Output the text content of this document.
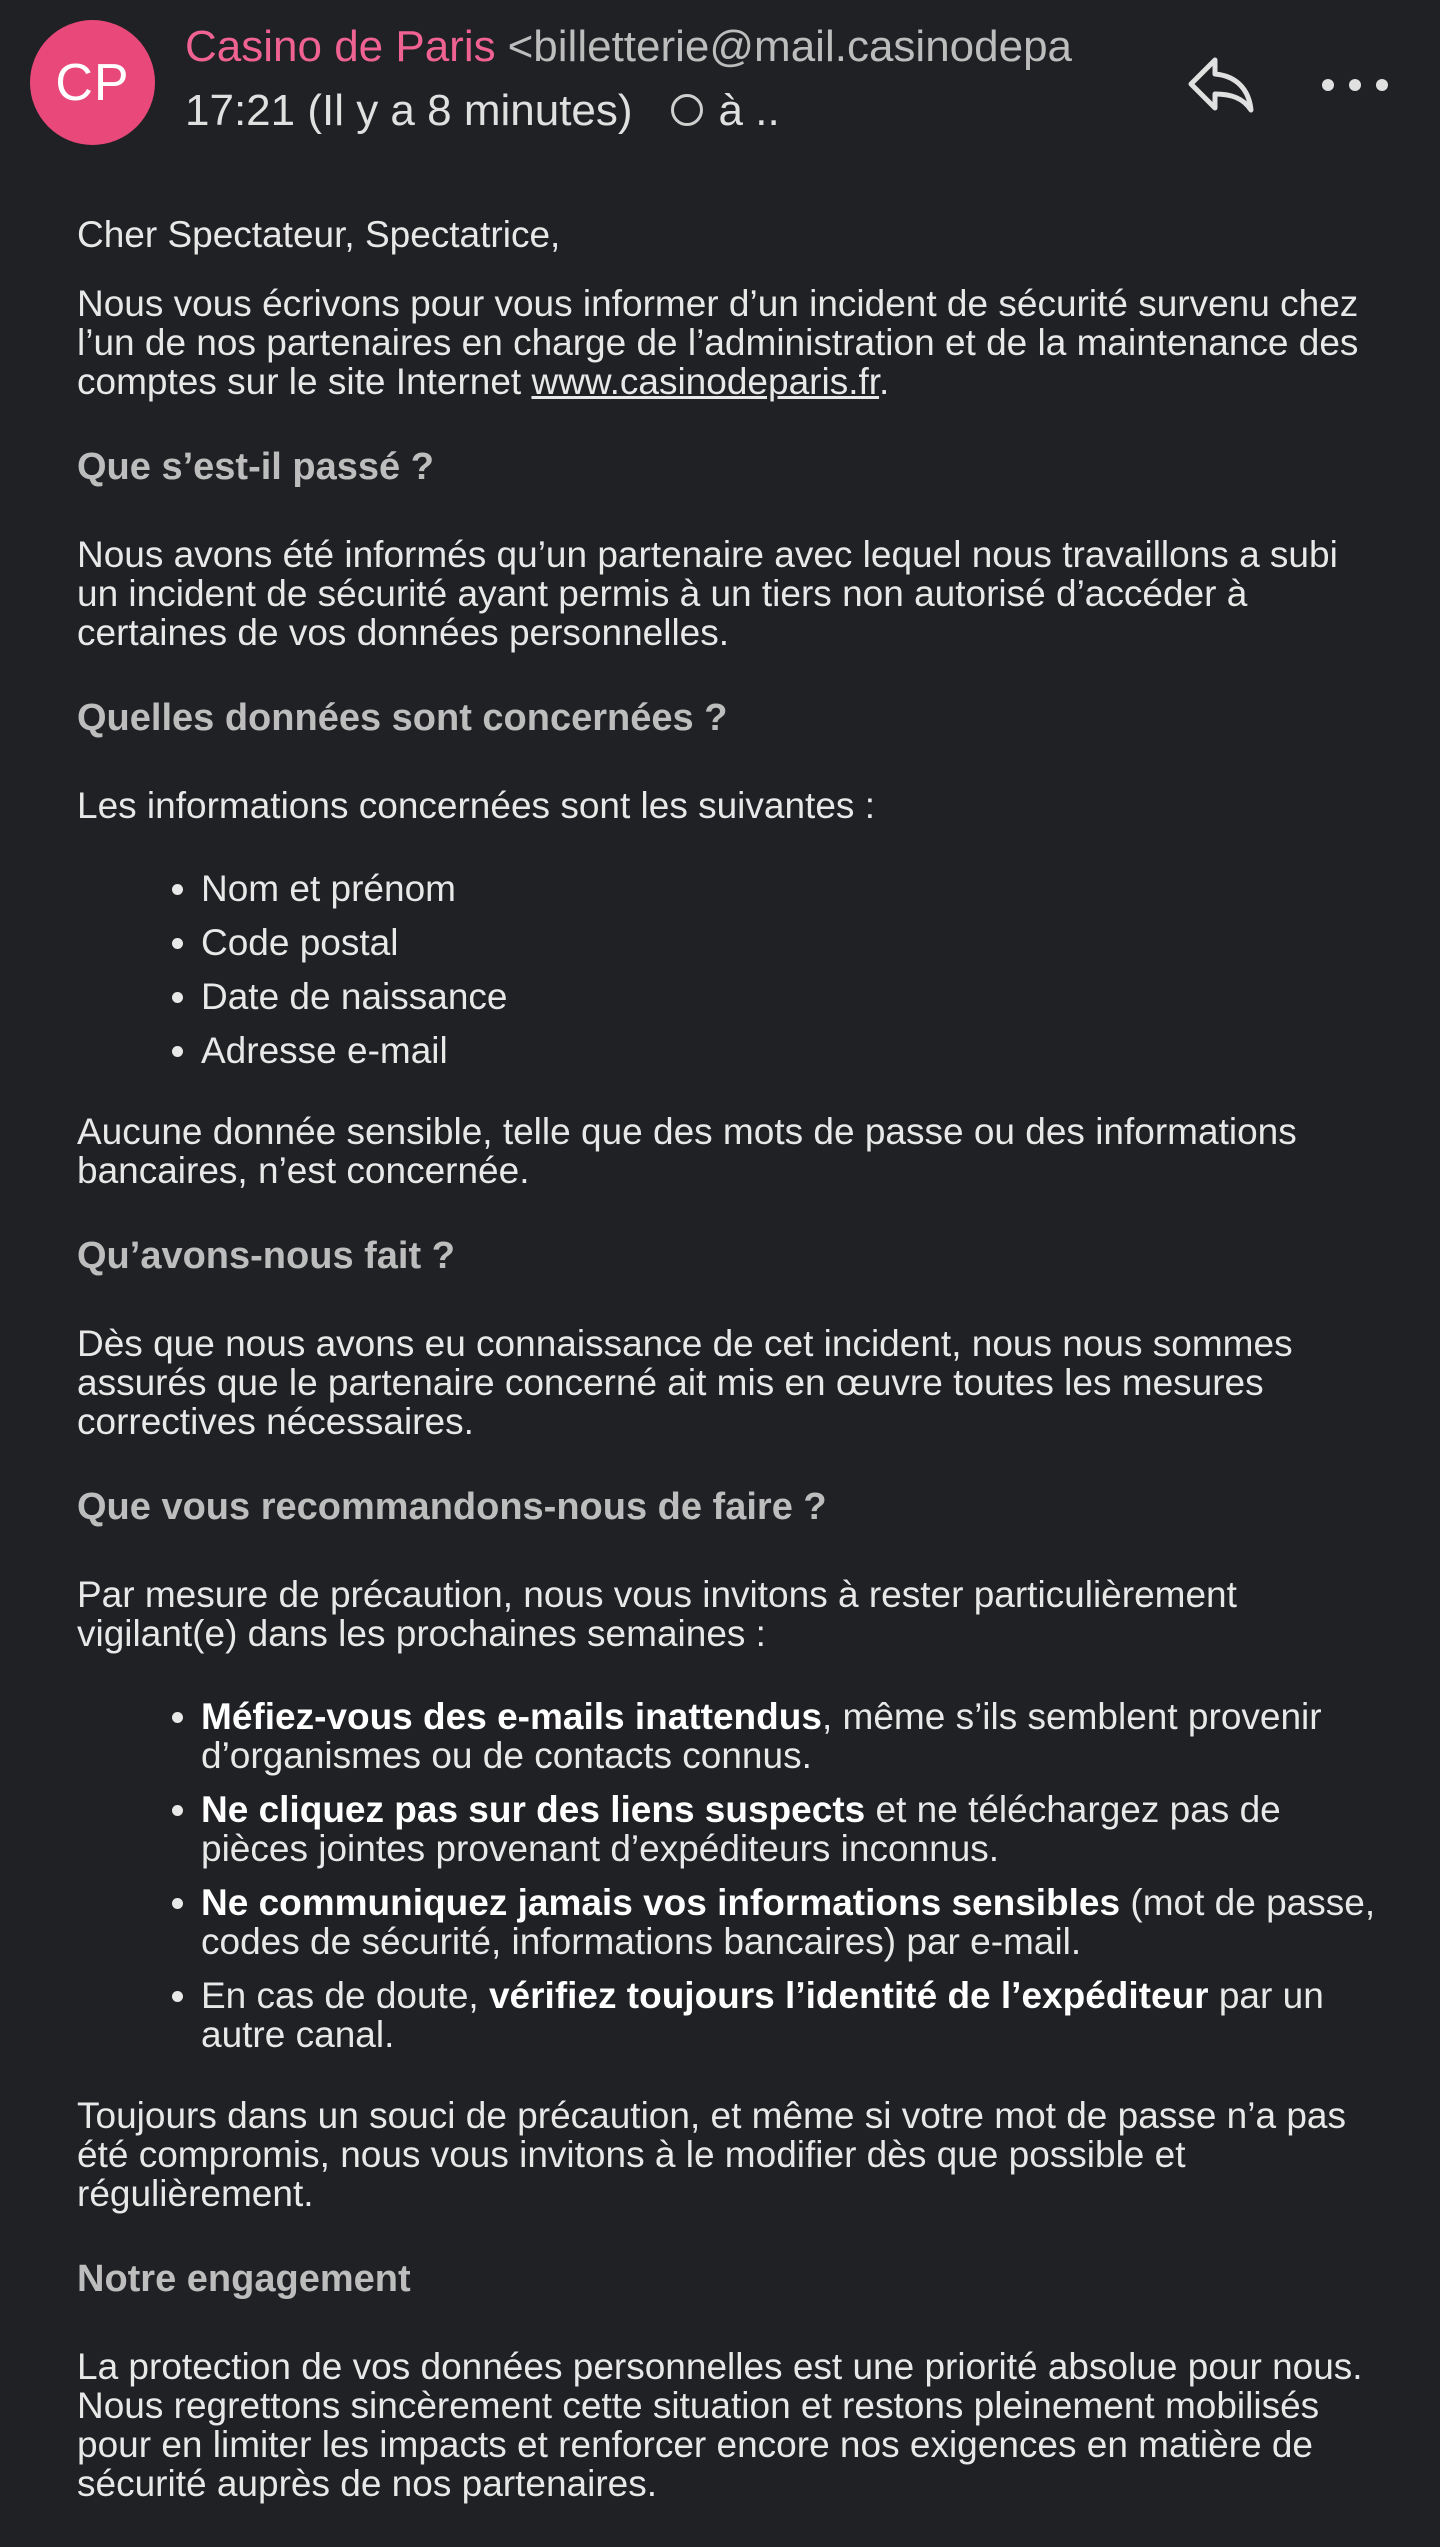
CP
Casino de Paris <billetterie@mail.casinodepa
17:21 (Il y a 8 minutes) à ..

Cher Spectateur, Spectatrice,

Nous vous écrivons pour vous informer d’un incident de sécurité survenu chez l’un de nos partenaires en charge de l’administration et de la maintenance des comptes sur le site Internet www.casinodeparis.fr.

Que s’est-il passé ?

Nous avons été informés qu’un partenaire avec lequel nous travaillons a subi un incident de sécurité ayant permis à un tiers non autorisé d’accéder à certaines de vos données personnelles.

Quelles données sont concernées ?

Les informations concernées sont les suivantes :

• Nom et prénom
• Code postal
• Date de naissance
• Adresse e-mail

Aucune donnée sensible, telle que des mots de passe ou des informations bancaires, n’est concernée.

Qu’avons-nous fait ?

Dès que nous avons eu connaissance de cet incident, nous nous sommes assurés que le partenaire concerné ait mis en œuvre toutes les mesures correctives nécessaires.

Que vous recommandons-nous de faire ?

Par mesure de précaution, nous vous invitons à rester particulièrement vigilant(e) dans les prochaines semaines :

• Méfiez-vous des e-mails inattendus, même s’ils semblent provenir d’organismes ou de contacts connus.
• Ne cliquez pas sur des liens suspects et ne téléchargez pas de pièces jointes provenant d’expéditeurs inconnus.
• Ne communiquez jamais vos informations sensibles (mot de passe, codes de sécurité, informations bancaires) par e-mail.
• En cas de doute, vérifiez toujours l’identité de l’expéditeur par un autre canal.

Toujours dans un souci de précaution, et même si votre mot de passe n’a pas été compromis, nous vous invitons à le modifier dès que possible et régulièrement.

Notre engagement

La protection de vos données personnelles est une priorité absolue pour nous. Nous regrettons sincèrement cette situation et restons pleinement mobilisés pour en limiter les impacts et renforcer encore nos exigences en matière de sécurité auprès de nos partenaires.
